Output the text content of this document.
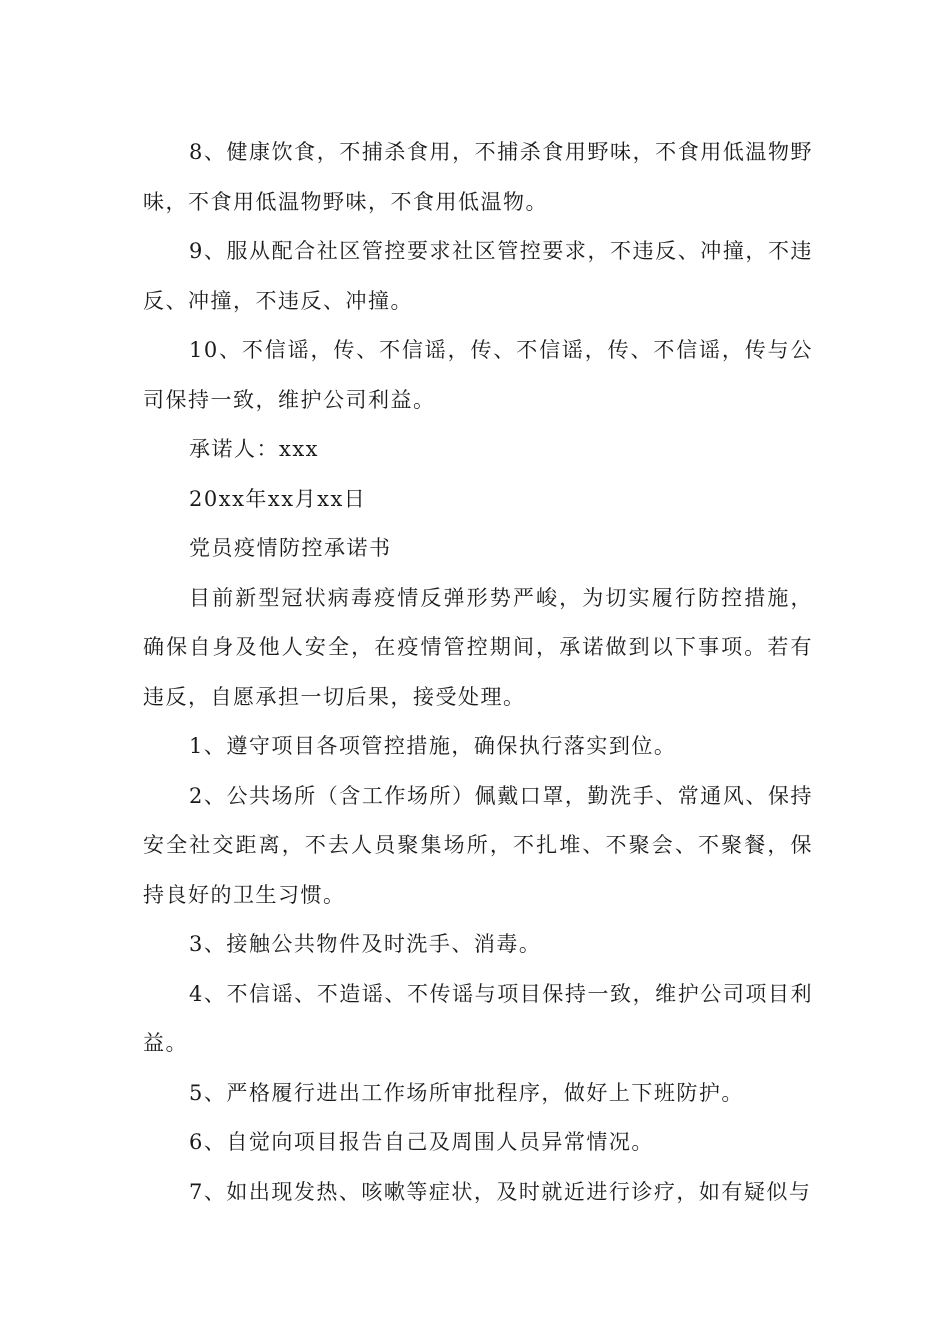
8、健康饮食，不捕杀食用，不捕杀食用野味，不食用低温物野味，不食用低温物野味，不食用低温物。

9、服从配合社区管控要求社区管控要求，不违反、冲撞，不违反、冲撞，不违反、冲撞。

10、不信谣，传、不信谣，传、不信谣，传、不信谣，传与公司保持一致，维护公司利益。

承诺人：xxx

20xx年xx月xx日

党员疫情防控承诺书

目前新型冠状病毒疫情反弹形势严峻，为切实履行防控措施，确保自身及他人安全，在疫情管控期间，承诺做到以下事项。若有违反，自愿承担一切后果，接受处理。

1、遵守项目各项管控措施，确保执行落实到位。

2、公共场所（含工作场所）佩戴口罩，勤洗手、常通风、保持安全社交距离，不去人员聚集场所，不扎堆、不聚会、不聚餐，保持良好的卫生习惯。

3、接触公共物件及时洗手、消毒。

4、不信谣、不造谣、不传谣与项目保持一致，维护公司项目利益。

5、严格履行进出工作场所审批程序，做好上下班防护。

6、自觉向项目报告自己及周围人员异常情况。

7、如出现发热、咳嗽等症状，及时就近进行诊疗，如有疑似与
